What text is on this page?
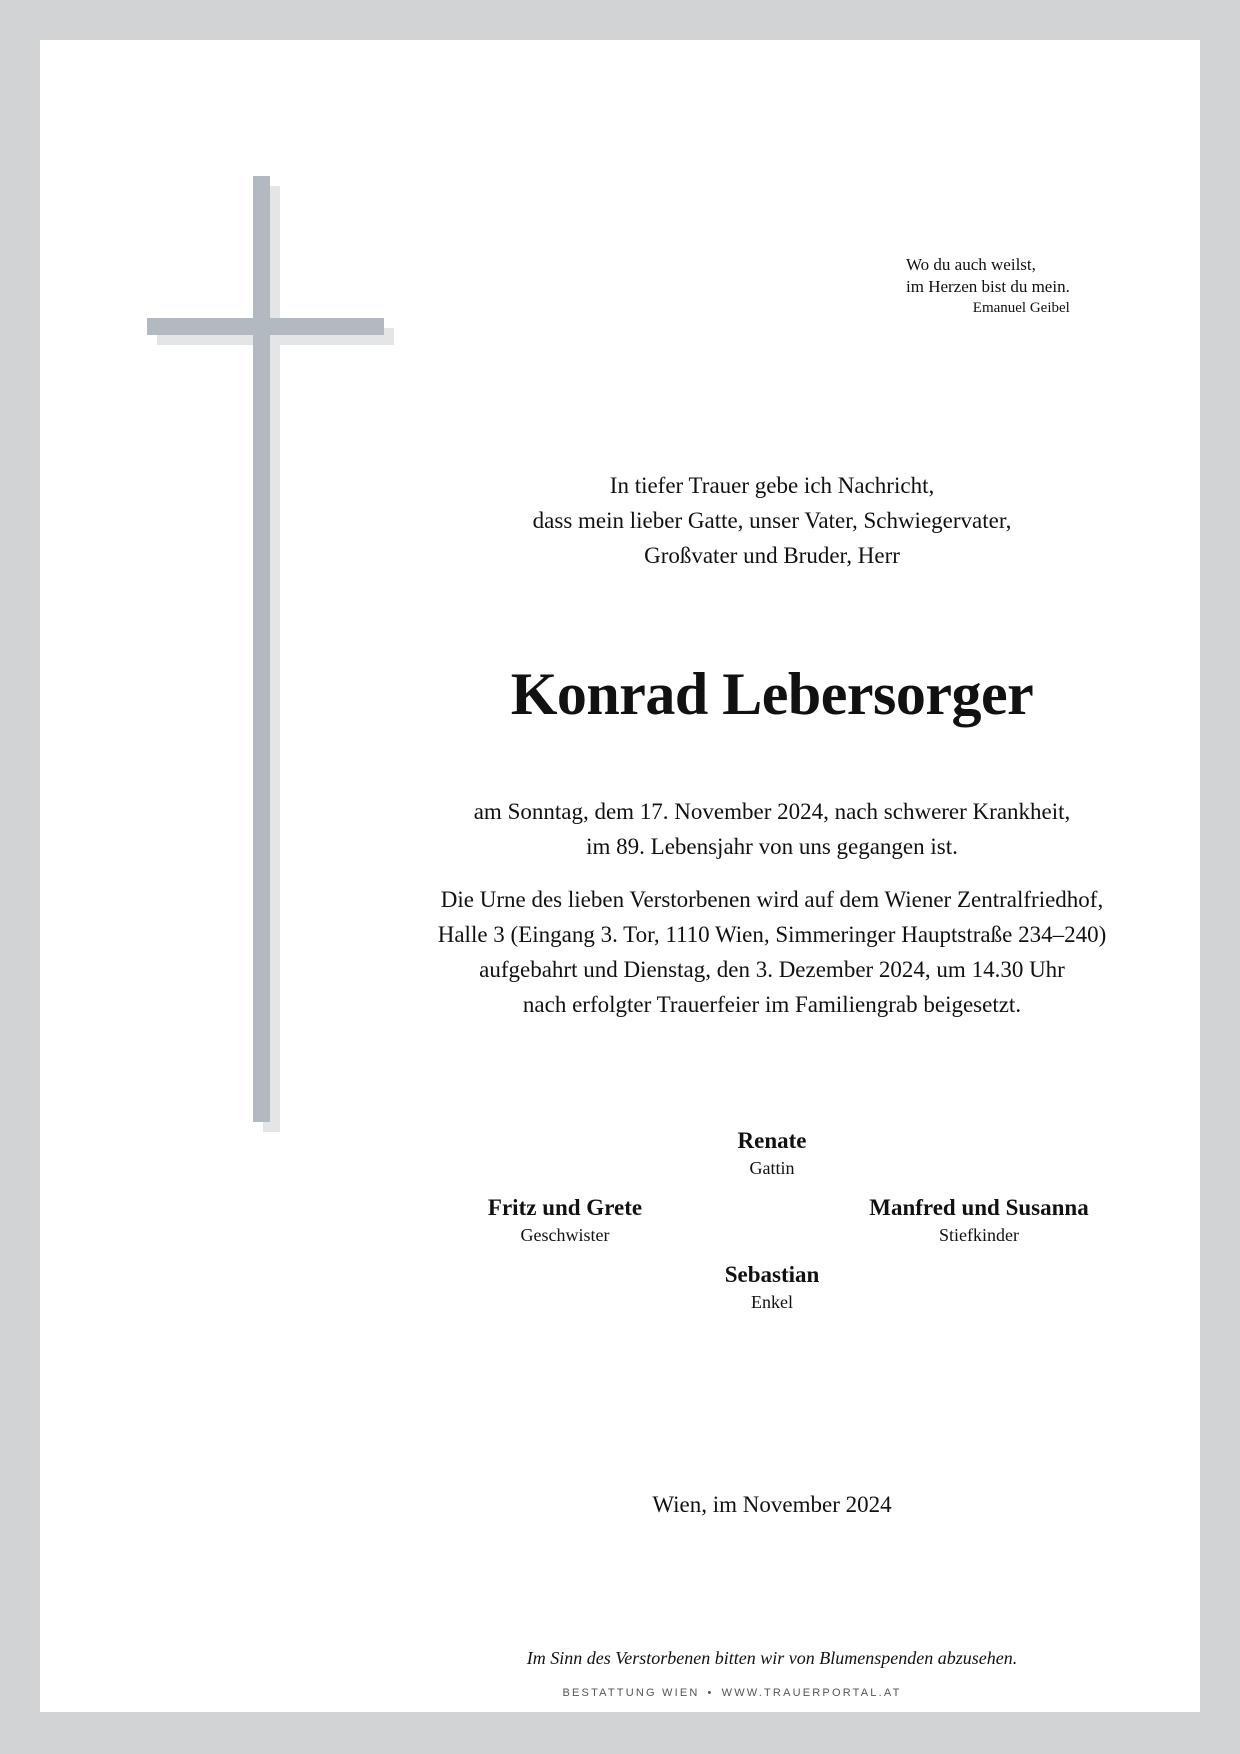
Wo du auch weilst,
im Herzen bist du mein.
Emanuel Geibel
In tiefer Trauer gebe ich Nachricht,
dass mein lieber Gatte, unser Vater, Schwiegervater,
Großvater und Bruder, Herr
Konrad Lebersorger
am Sonntag, dem 17. November 2024, nach schwerer Krankheit,
im 89. Lebensjahr von uns gegangen ist.
Die Urne des lieben Verstorbenen wird auf dem Wiener Zentralfriedhof,
Halle 3 (Eingang 3. Tor, 1110 Wien, Simmeringer Hauptstraße 234–240)
aufgebahrt und Dienstag, den 3. Dezember 2024, um 14.30 Uhr
nach erfolgter Trauerfeier im Familiengrab beigesetzt.
Renate
Gattin
Fritz und Grete
Geschwister
Manfred und Susanna
Stiefkinder
Sebastian
Enkel
Wien, im November 2024
Im Sinn des Verstorbenen bitten wir von Blumenspenden abzusehen.
BESTATTUNG WIEN • WWW.TRAUERPORTAL.AT
